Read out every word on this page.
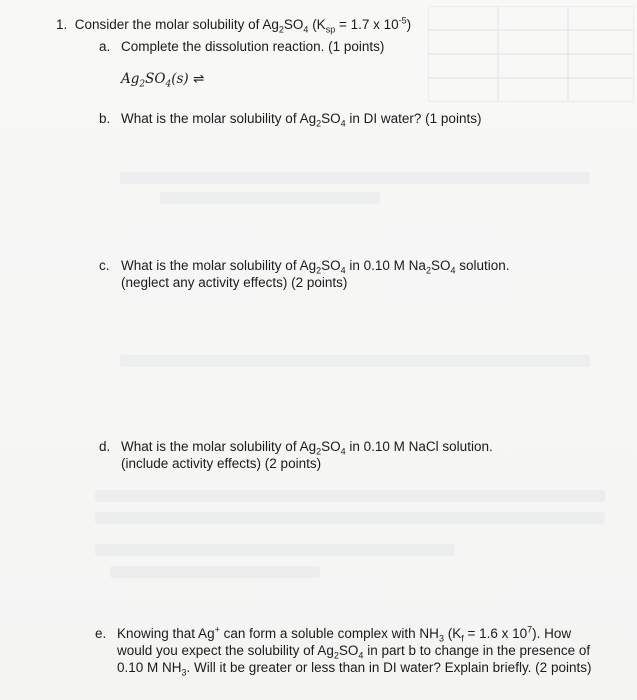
1. Consider the molar solubility of $Ag_2SO_4$ ($K_{sp} = 1.7$ x $10^{-5}$)
a. Complete the dissolution reaction. (1 points)
$Ag_2SO_4(s)$ ⇌
b. What is the molar solubility of $Ag_2SO_4$ in DI water? (1 points)
c. What is the molar solubility of $Ag_2SO_4$ in 0.10 M $Na_2SO_4$ solution.
(neglect any activity effects) (2 points)
d. What is the molar solubility of $Ag_2SO_4$ in 0.10 M NaCl solution.
(include activity effects) (2 points)
e. Knowing that Ag+ can form a soluble complex with $NH_3$ ($K_f = 1.6$ x $10^7$). How
would you expect the solubility of $Ag_2SO_4$ in part b to change in the presence of
0.10 M $NH_3$. Will it be greater or less than in DI water? Explain briefly. (2 points)
